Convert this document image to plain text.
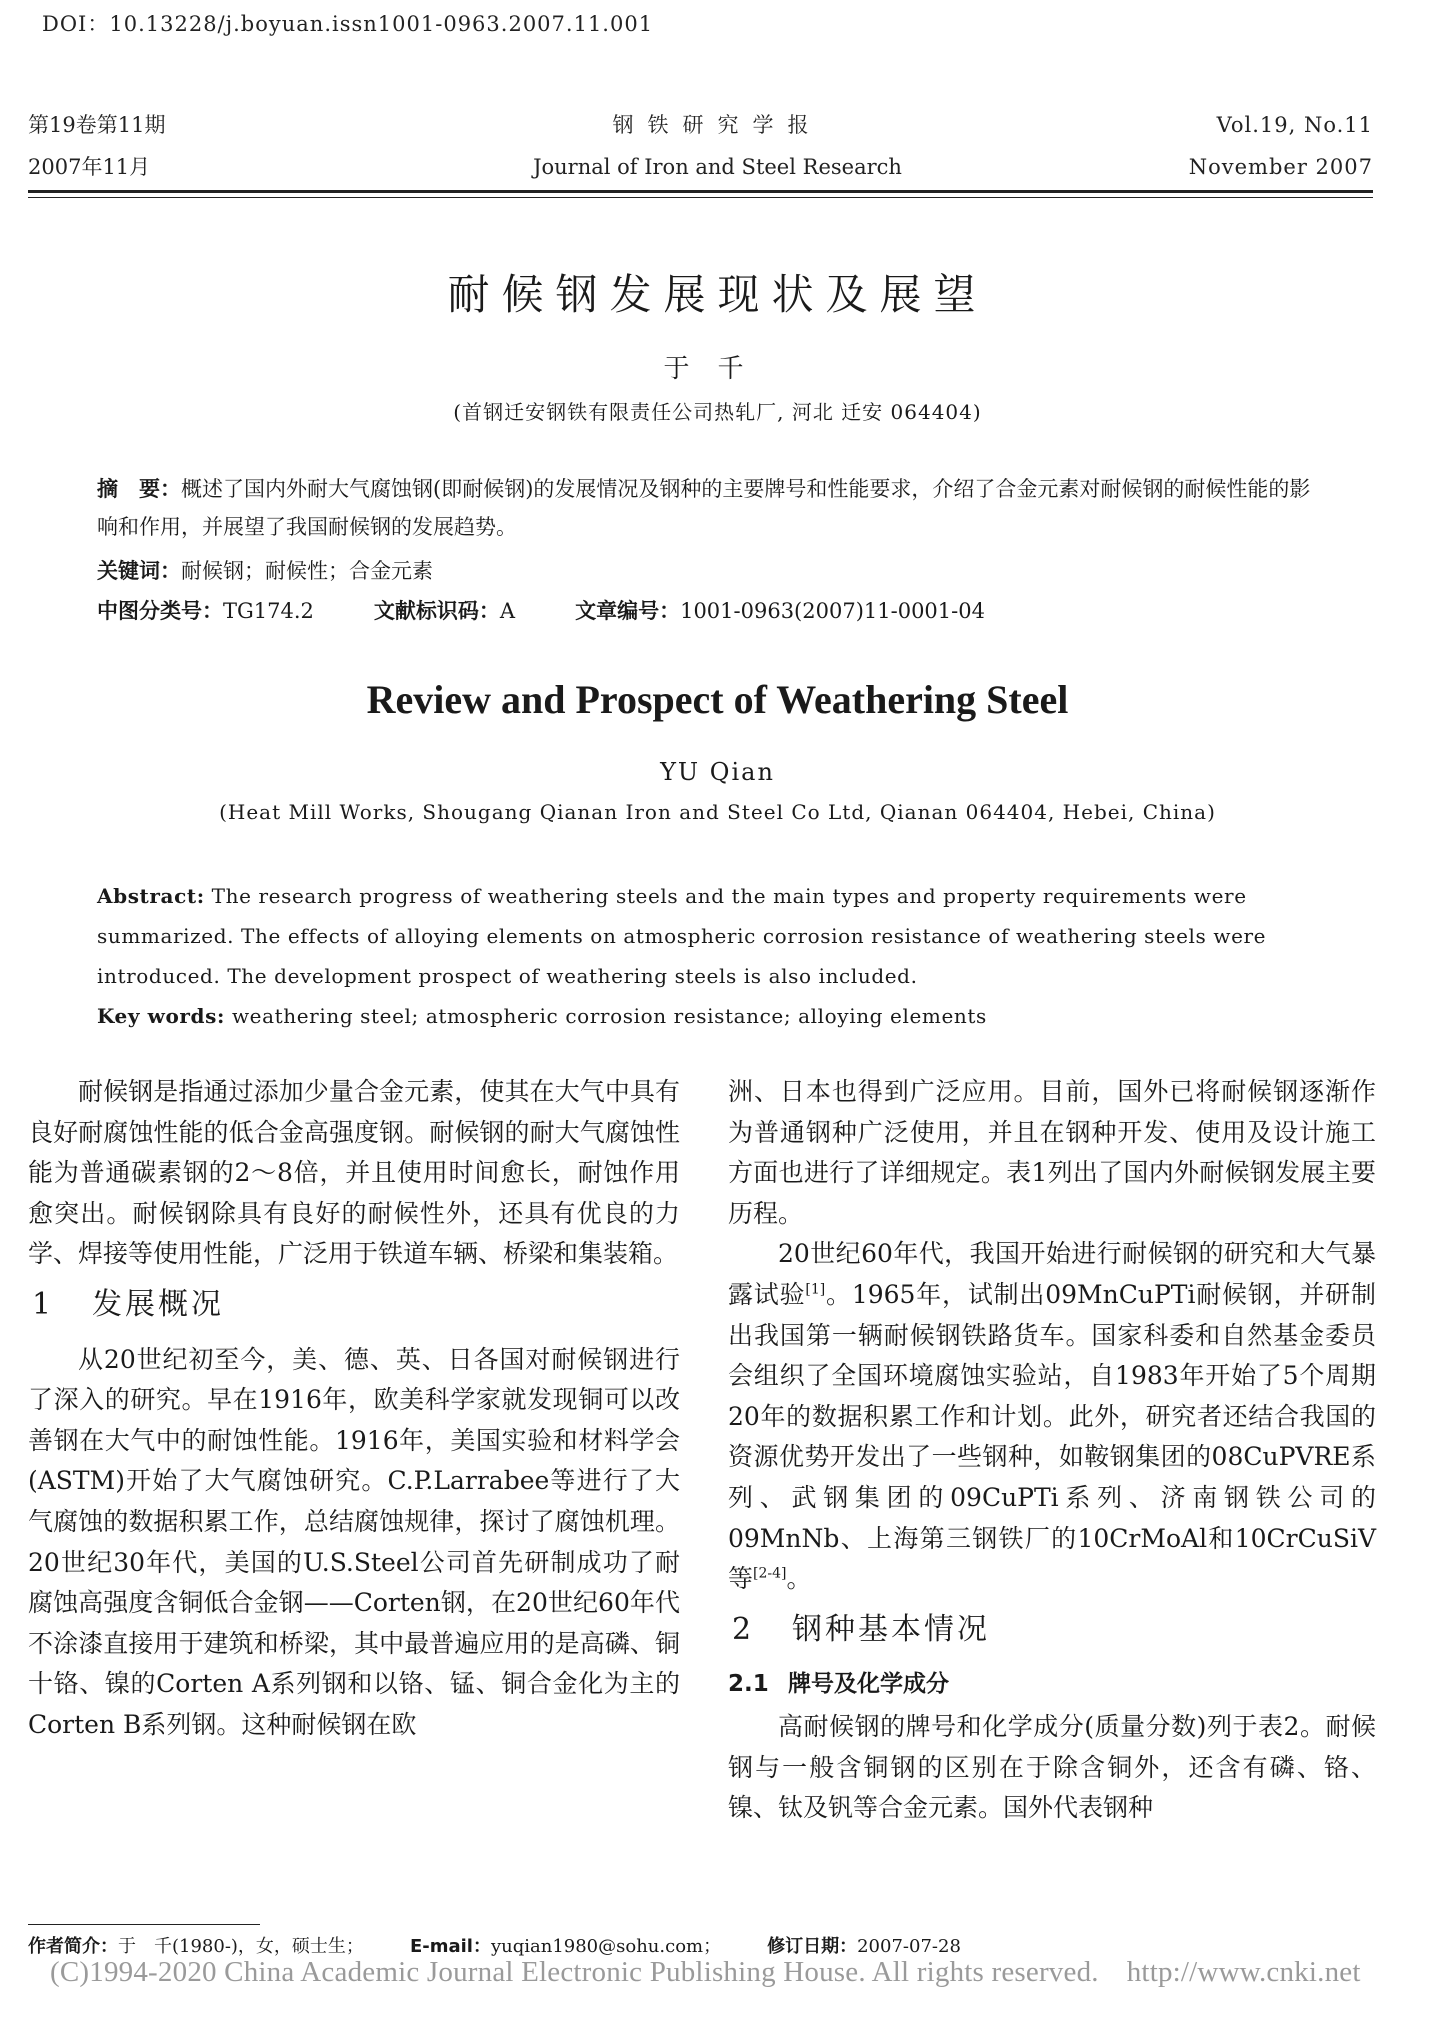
DOI：10.13228/j.boyuan.issn1001-0963.2007.11.001
第19卷第11期
2007年11月
钢铁研究学报
Journal of Iron and Steel Research
Vol.19, No.11
November 2007
耐候钢发展现状及展望
于千
(首钢迁安钢铁有限责任公司热轧厂, 河北 迁安 064404)
摘　要：概述了国内外耐大气腐蚀钢(即耐候钢)的发展情况及钢种的主要牌号和性能要求，介绍了合金元素对耐候钢的耐候性能的影响和作用，并展望了我国耐候钢的发展趋势。
关键词：耐候钢；耐候性；合金元素
中图分类号：TG174.2	文献标识码：A	文章编号：1001-0963(2007)11-0001-04
Review and Prospect of Weathering Steel
YU Qian
(Heat Mill Works, Shougang Qianan Iron and Steel Co Ltd, Qianan 064404, Hebei, China)
Abstract: The research progress of weathering steels and the main types and property requirements were summarized. The effects of alloying elements on atmospheric corrosion resistance of weathering steels were introduced. The development prospect of weathering steels is also included.
Key words: weathering steel; atmospheric corrosion resistance; alloying elements

耐候钢是指通过添加少量合金元素，使其在大气中具有良好耐腐蚀性能的低合金高强度钢。耐候钢的耐大气腐蚀性能为普通碳素钢的2～8倍，并且使用时间愈长，耐蚀作用愈突出。耐候钢除具有良好的耐候性外，还具有优良的力学、焊接等使用性能，广泛用于铁道车辆、桥梁和集装箱。

1 发展概况

从20世纪初至今，美、德、英、日各国对耐候钢进行了深入的研究。早在1916年，欧美科学家就发现铜可以改善钢在大气中的耐蚀性能。1916年，美国实验和材料学会(ASTM)开始了大气腐蚀研究。C.P.Larrabee等进行了大气腐蚀的数据积累工作，总结腐蚀规律，探讨了腐蚀机理。20世纪30年代，美国的U.S.Steel公司首先研制成功了耐腐蚀高强度含铜低合金钢——Corten钢，在20世纪60年代不涂漆直接用于建筑和桥梁，其中最普遍应用的是高磷、铜十铬、镍的Corten A系列钢和以铬、锰、铜合金化为主的Corten B系列钢。这种耐候钢在欧

洲、日本也得到广泛应用。目前，国外已将耐候钢逐渐作为普通钢种广泛使用，并且在钢种开发、使用及设计施工方面也进行了详细规定。表1列出了国内外耐候钢发展主要历程。

20世纪60年代，我国开始进行耐候钢的研究和大气暴露试验[1]。1965年，试制出09MnCuPTi耐候钢，并研制出我国第一辆耐候钢铁路货车。国家科委和自然基金委员会组织了全国环境腐蚀实验站，自1983年开始了5个周期20年的数据积累工作和计划。此外，研究者还结合我国的资源优势开发出了一些钢种，如鞍钢集团的08CuPVRE系列、武钢集团的09CuPTi系列、济南钢铁公司的09MnNb、上海第三钢铁厂的10CrMoAl和10CrCuSiV等[2-4]。

2 钢种基本情况
2.1 牌号及化学成分

高耐候钢的牌号和化学成分(质量分数)列于表2。耐候钢与一般含铜钢的区别在于除含铜外，还含有磷、铬、镍、钛及钒等合金元素。国外代表钢种

作者简介：于　千(1980-)，女，硕士生；	E-mail：yuqian1980@sohu.com；	修订日期：2007-07-28
(C)1994-2020 China Academic Journal Electronic Publishing House. All rights reserved. http://www.cnki.net
